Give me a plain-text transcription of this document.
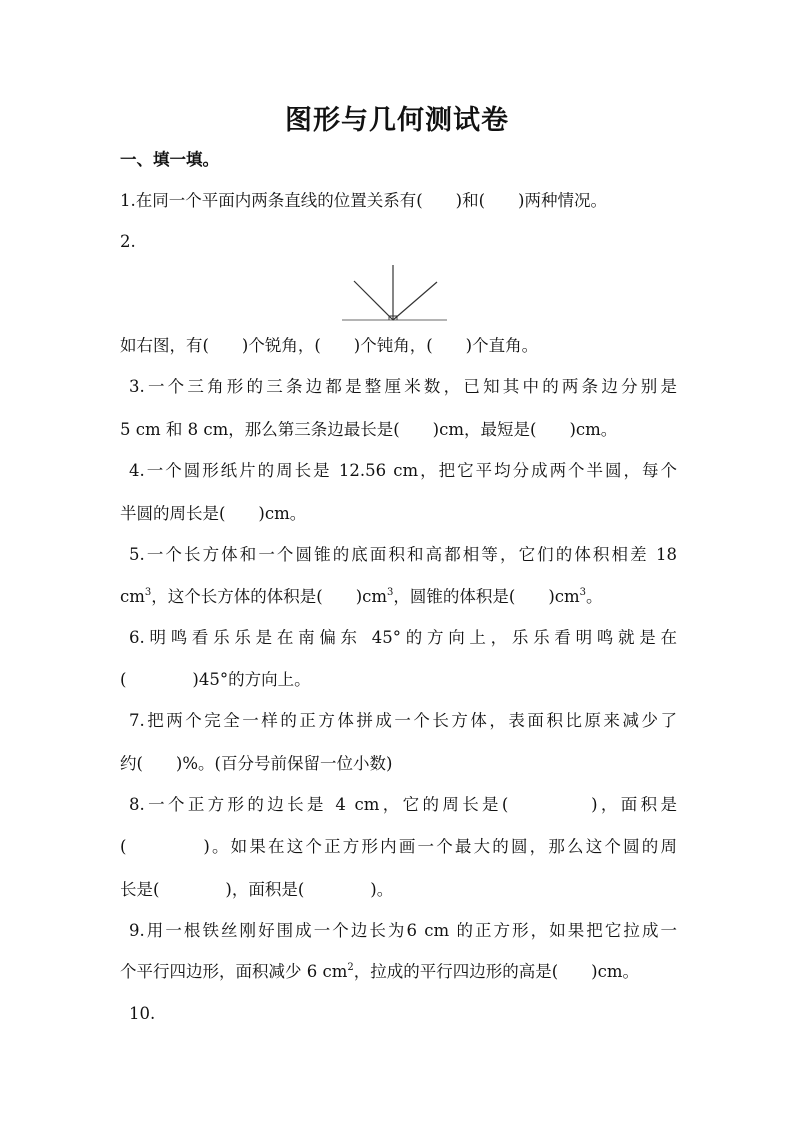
图形与几何测试卷
一、填一填。
1.在同一个平面内两条直线的位置关系有(　　)和(　　)两种情况。
2.
如右图，有(　　)个锐角，(　　)个钝角，(　　)个直角。
3.一个三角形的三条边都是整厘米数，已知其中的两条边分别是
5 cm 和 8 cm，那么第三条边最长是(　　)cm，最短是(　　)cm。
4.一个圆形纸片的周长是 12.56 cm，把它平均分成两个半圆，每个
半圆的周长是(　　)cm。
5.一个长方体和一个圆锥的底面积和高都相等，它们的体积相差 18
$cm^3$，这个长方体的体积是(　　)$cm^3$，圆锥的体积是(　　)$cm^3$。
6.明鸣看乐乐是在南偏东 45°的方向上，乐乐看明鸣就是在
(　　　　)45°的方向上。
7.把两个完全一样的正方体拼成一个长方体，表面积比原来减少了
约(　　)%。(百分号前保留一位小数)
8.一个正方形的边长是 4 cm，它的周长是(　　　　)，面积是
(　　　　)。如果在这个正方形内画一个最大的圆，那么这个圆的周
长是(　　　　)，面积是(　　　　)。
9.用一根铁丝刚好围成一个边长为6 cm 的正方形，如果把它拉成一
个平行四边形，面积减少 6 $cm^2$，拉成的平行四边形的高是(　　)cm。
10.
